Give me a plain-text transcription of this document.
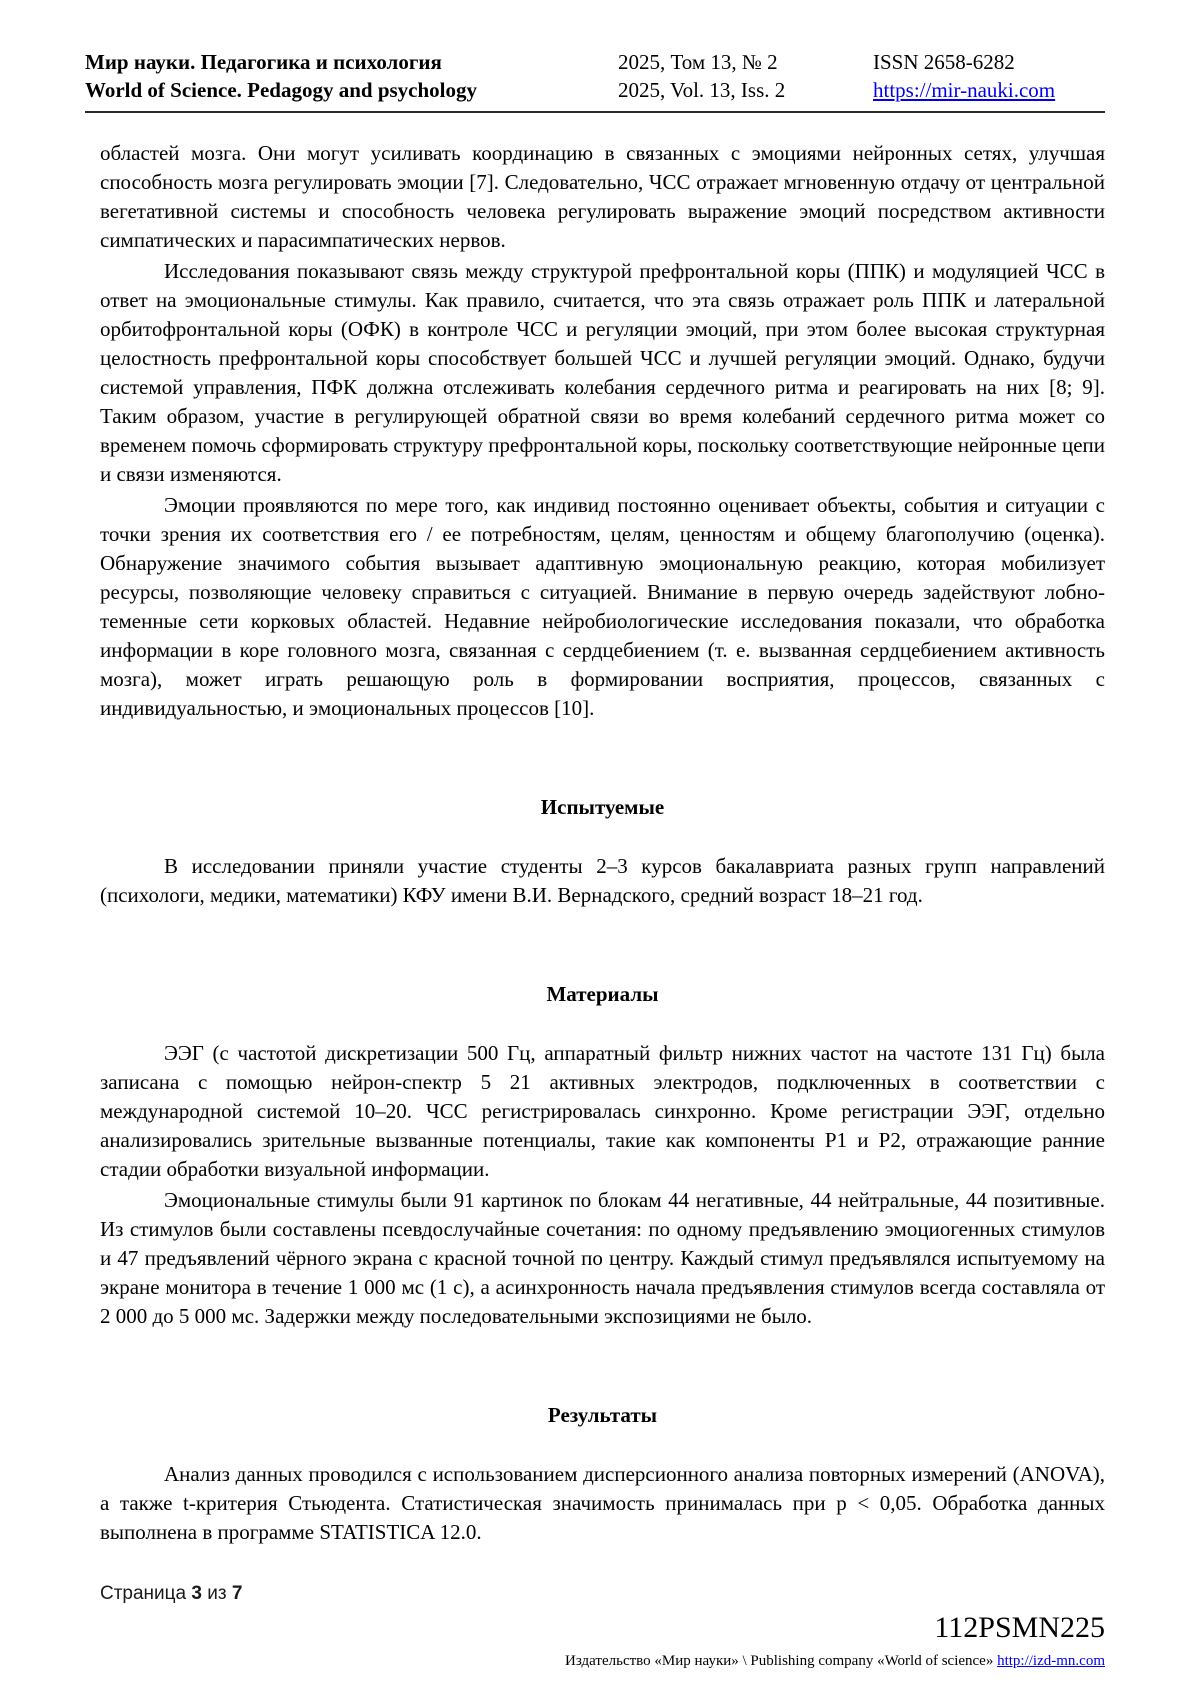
Мир науки. Педагогика и психология
World of Science. Pedagogy and psychology
2025, Том 13, № 2
2025, Vol. 13, Iss. 2
ISSN 2658-6282
https://mir-nauki.com

областей мозга. Они могут усиливать координацию в связанных с эмоциями нейронных сетях, улучшая способность мозга регулировать эмоции [7]. Следовательно, ЧСС отражает мгновенную отдачу от центральной вегетативной системы и способность человека регулировать выражение эмоций посредством активности симпатических и парасимпатических нервов.

Исследования показывают связь между структурой префронтальной коры (ППК) и модуляцией ЧСС в ответ на эмоциональные стимулы. Как правило, считается, что эта связь отражает роль ППК и латеральной орбитофронтальной коры (ОФК) в контроле ЧСС и регуляции эмоций, при этом более высокая структурная целостность префронтальной коры способствует большей ЧСС и лучшей регуляции эмоций. Однако, будучи системой управления, ПФК должна отслеживать колебания сердечного ритма и реагировать на них [8; 9]. Таким образом, участие в регулирующей обратной связи во время колебаний сердечного ритма может со временем помочь сформировать структуру префронтальной коры, поскольку соответствующие нейронные цепи и связи изменяются.

Эмоции проявляются по мере того, как индивид постоянно оценивает объекты, события и ситуации с точки зрения их соответствия его / ее потребностям, целям, ценностям и общему благополучию (оценка). Обнаружение значимого события вызывает адаптивную эмоциональную реакцию, которая мобилизует ресурсы, позволяющие человеку справиться с ситуацией. Внимание в первую очередь задействуют лобно-теменные сети корковых областей. Недавние нейробиологические исследования показали, что обработка информации в коре головного мозга, связанная с сердцебиением (т. е. вызванная сердцебиением активность мозга), может играть решающую роль в формировании восприятия, процессов, связанных с индивидуальностью, и эмоциональных процессов [10].

Испытуемые

В исследовании приняли участие студенты 2–3 курсов бакалавриата разных групп направлений (психологи, медики, математики) КФУ имени В.И. Вернадского, средний возраст 18–21 год.

Материалы

ЭЭГ (с частотой дискретизации 500 Гц, аппаратный фильтр нижних частот на частоте 131 Гц) была записана с помощью нейрон-спектр 5 21 активных электродов, подключенных в соответствии с международной системой 10–20. ЧСС регистрировалась синхронно. Кроме регистрации ЭЭГ, отдельно анализировались зрительные вызванные потенциалы, такие как компоненты P1 и P2, отражающие ранние стадии обработки визуальной информации.

Эмоциональные стимулы были 91 картинок по блокам 44 негативные, 44 нейтральные, 44 позитивные. Из стимулов были составлены псевдослучайные сочетания: по одному предъявлению эмоциогенных стимулов и 47 предъявлений чёрного экрана с красной точной по центру. Каждый стимул предъявлялся испытуемому на экране монитора в течение 1 000 мс (1 с), а асинхронность начала предъявления стимулов всегда составляла от 2 000 до 5 000 мс. Задержки между последовательными экспозициями не было.

Результаты

Анализ данных проводился с использованием дисперсионного анализа повторных измерений (ANOVA), а также t-критерия Стьюдента. Статистическая значимость принималась при p < 0,05. Обработка данных выполнена в программе STATISTICA 12.0.

Страница 3 из 7
112PSMN225
Издательство «Мир науки» \ Publishing company «World of science» http://izd-mn.com
